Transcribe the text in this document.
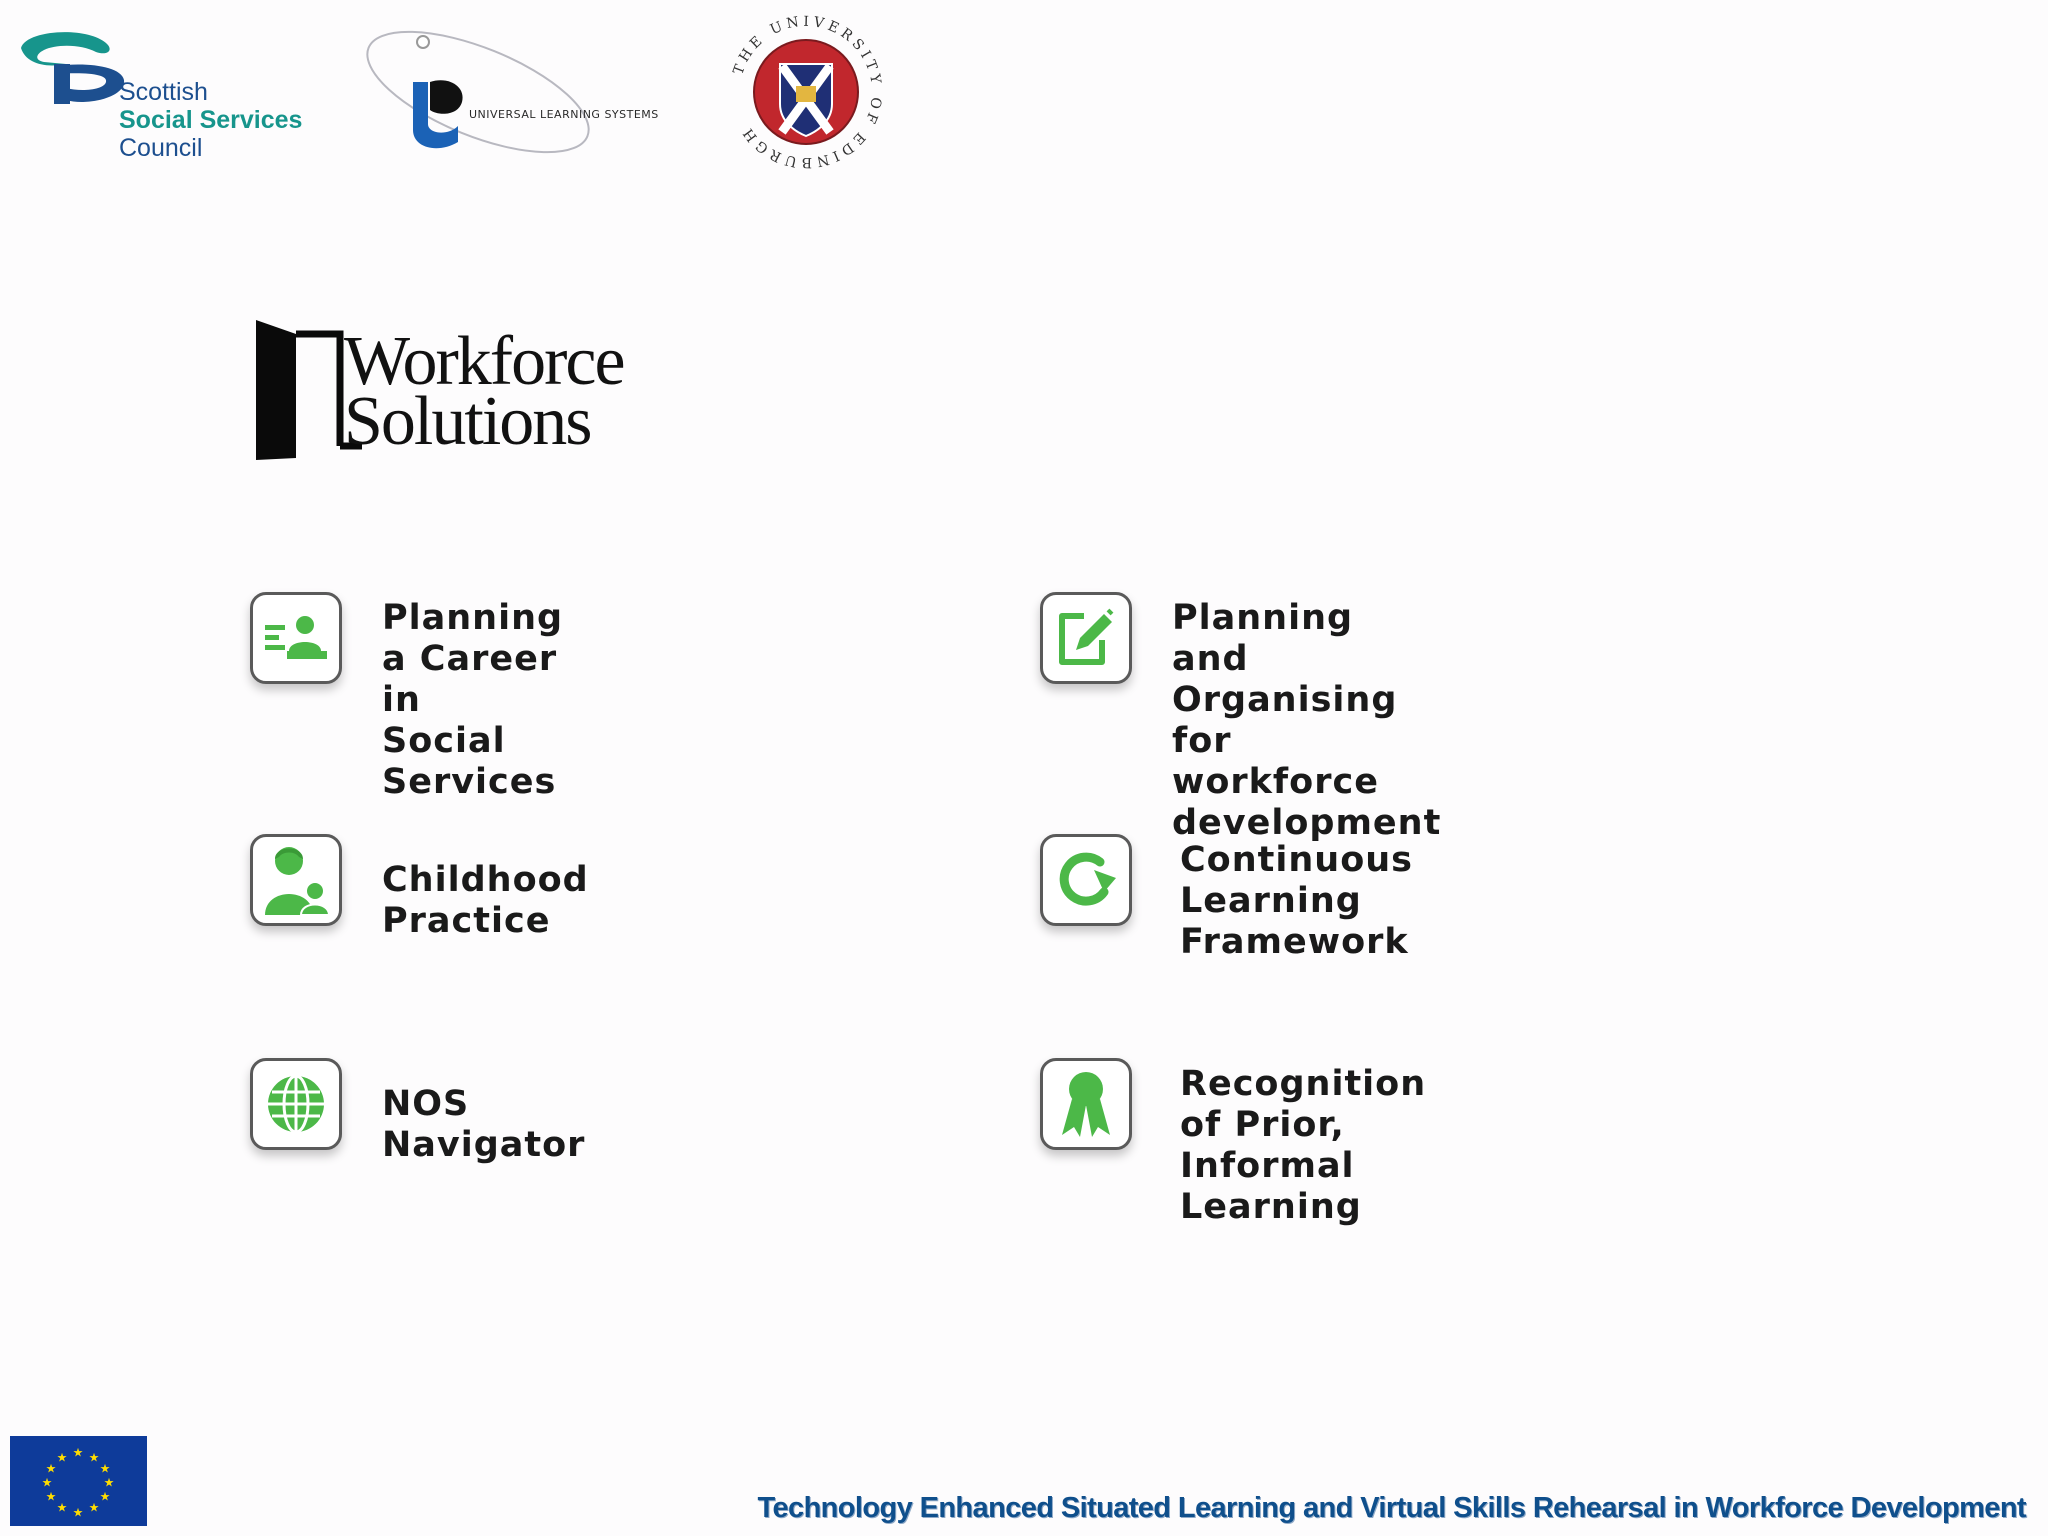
Scottish
Social Services
Council
UNIVERSAL LEARNING SYSTEMS
THE UNIVERSITY OF EDINBURGH
Workforce
Solutions
Planning a Career in
Social Services
Planning and Organising for
workforce development
Childhood Practice
Continuous Learning
Framework
NOS Navigator
Recognition of Prior,
Informal Learning
★ ★
★
★
★
★
★
★
★
★
★
★
Technology Enhanced Situated Learning and Virtual Skills Rehearsal in Workforce Development
